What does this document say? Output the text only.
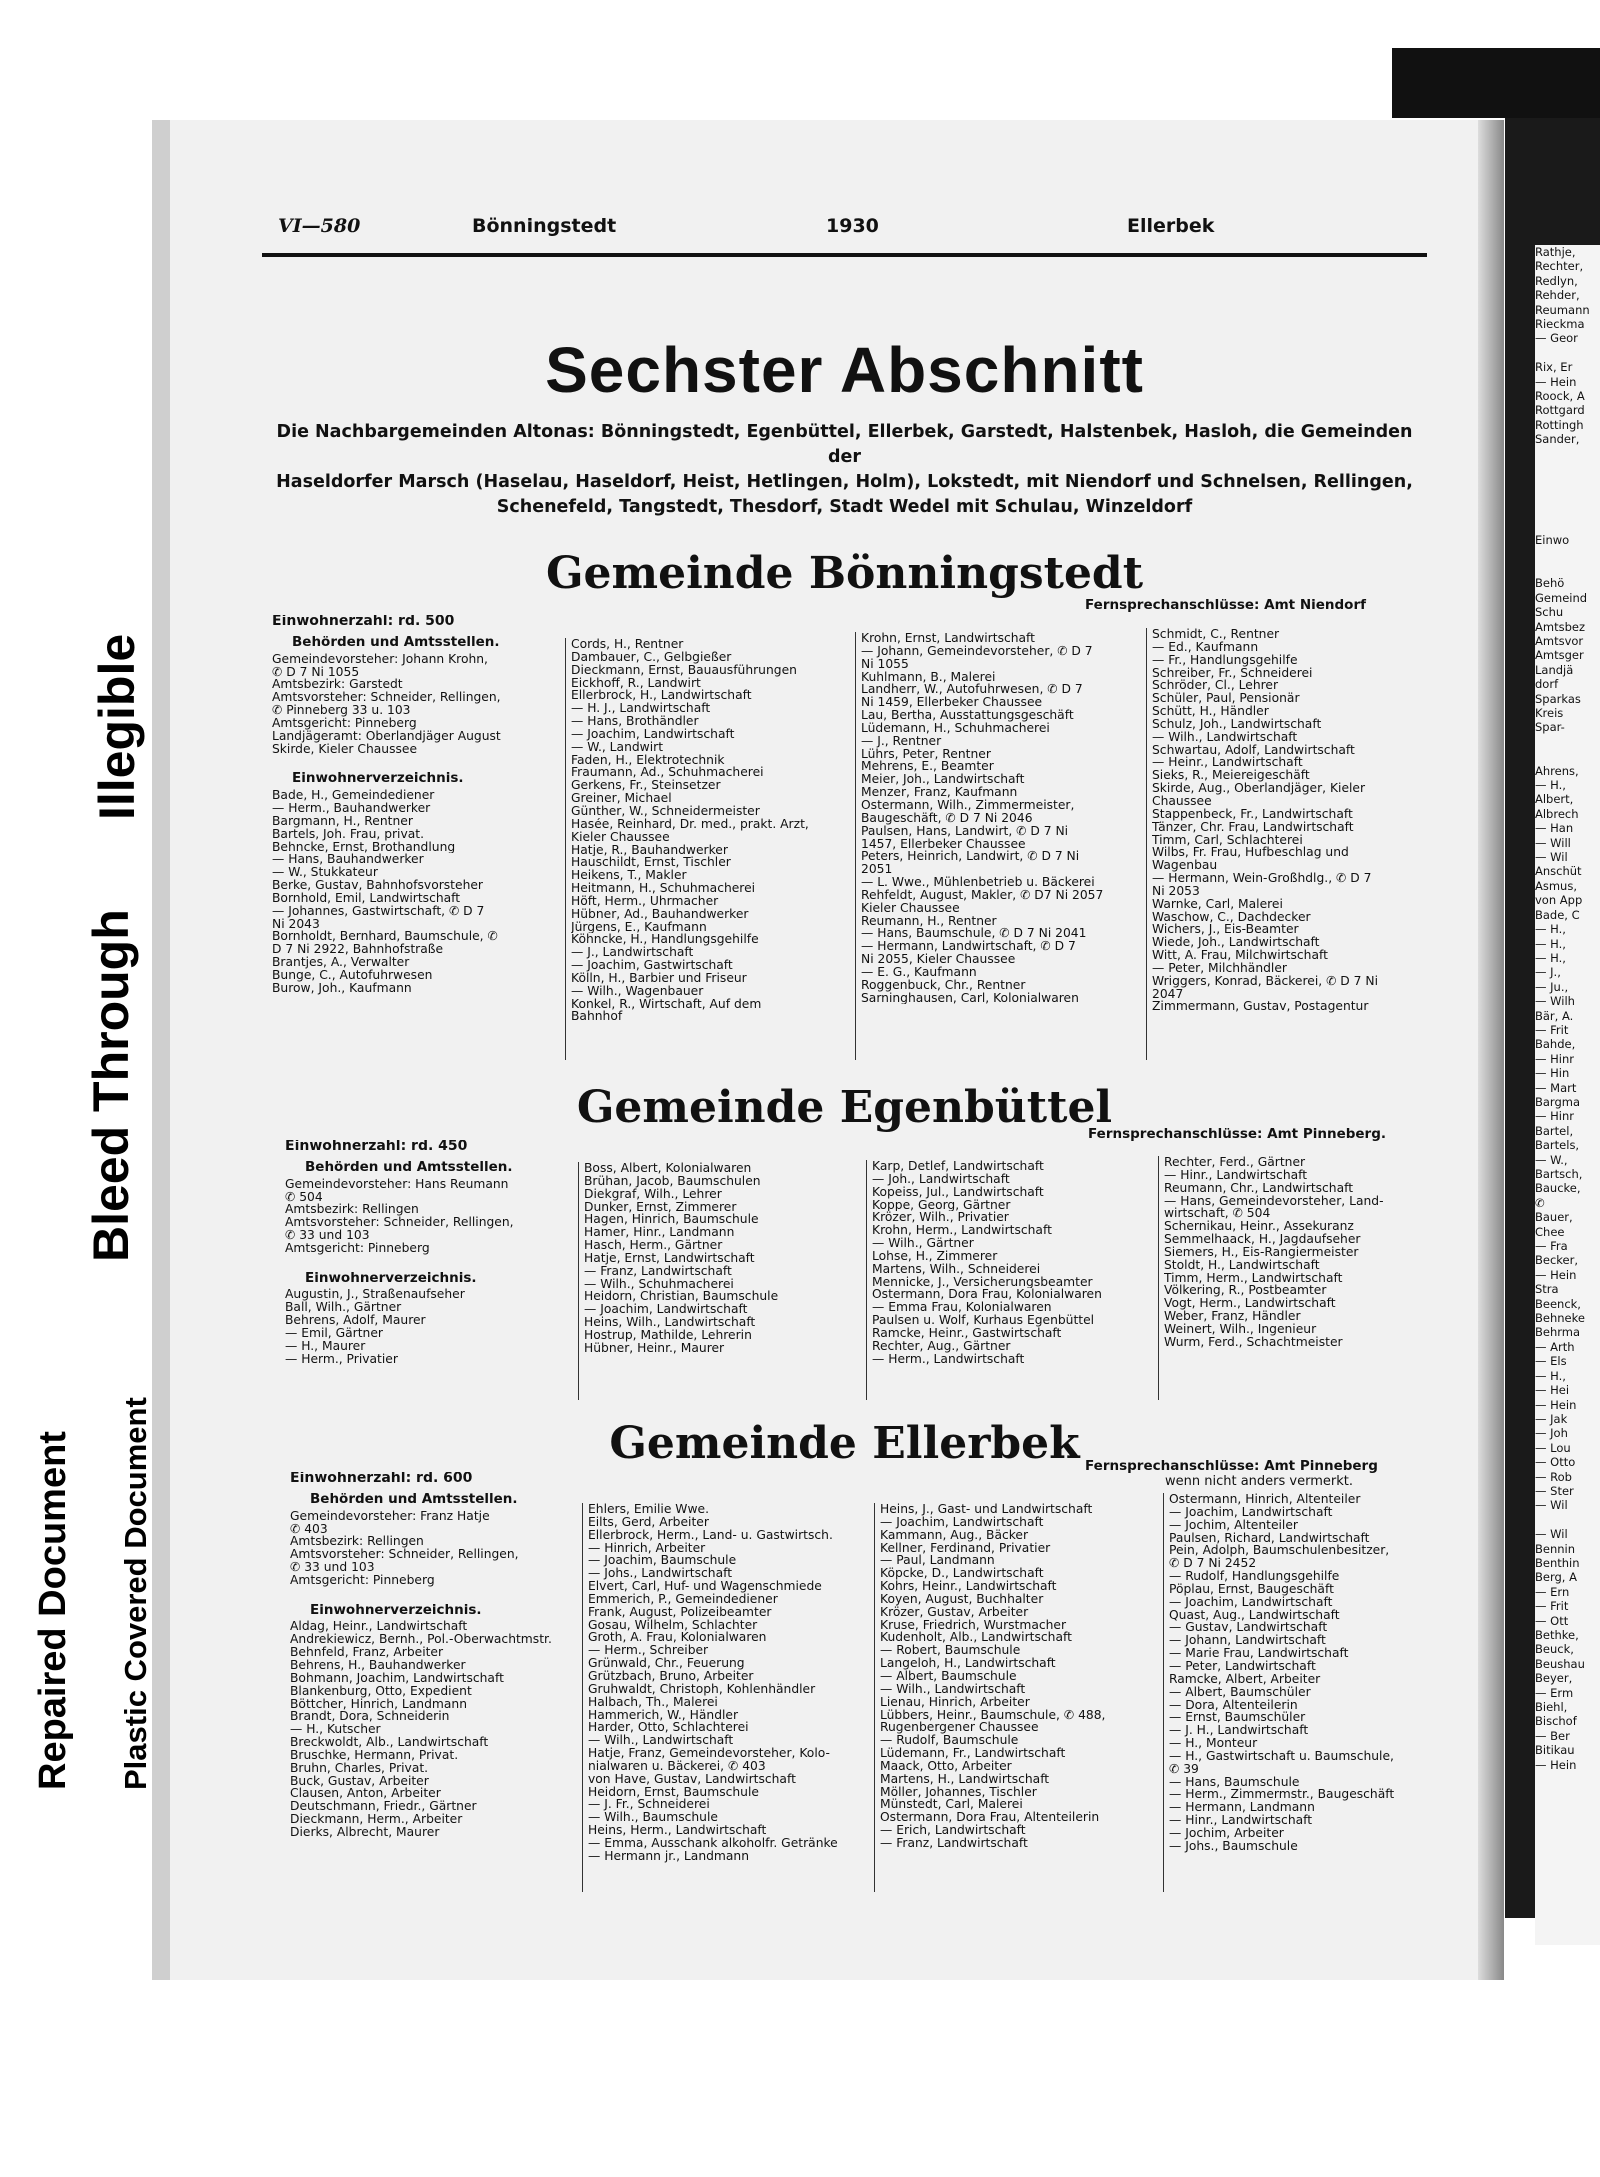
Rathje,
Rechter,
Redlyn,
Rehder,
Reumann
Rieckma
— Geor

Rix, Er
— Hein
Roock, A
Rottgard
Rottingh
Sander,

Einwo

Behö
Gemeind
Schu
Amtsbez
Amtsvor
Amtsger
Landjä
dorf
Sparkas
Kreis
Spar-

Ahrens,
— H.,
Albert,
Albrech
— Han
— Will
— Wil
Anschüt
Asmus,
von App
Bade, C
— H.,
— H.,
— H.,
— J.,
— Ju.,
— Wilh
Bär, A.
— Frit
Bahde,
— Hinr
— Hin
— Mart
Bargma
— Hinr
Bartel,
Bartels,
— W.,
Bartsch,
Baucke,
✆
Bauer,
Chee
— Fra
Becker,
— Hein
Stra
Beenck,
Behneke
Behrma
— Arth
— Els
— H.,
— Hei
— Hein
— Jak
— Joh
— Lou
— Otto
— Rob
— Ster
— Wil

— Wil
Bennin
Benthin
Berg, A
— Ern
— Frit
— Ott
Bethke,
Beuck,
Beushau
Beyer,
— Erm
Biehl,
Bischof
— Ber
Bitikau
— Hein
Repaired Document Plastic Covered Document
Bleed Through
Illegible
VI—580	Bönningstedt	1930	Ellerbek
Sechster Abschnitt
Die Nachbargemeinden Altonas: Bönningstedt, Egenbüttel, Ellerbek, Garstedt, Halstenbek, Hasloh, die Gemeinden der
Haseldorfer Marsch (Haselau, Haseldorf, Heist, Hetlingen, Holm), Lokstedt, mit Niendorf und Schnelsen, Rellingen,
Schenefeld, Tangstedt, Thesdorf, Stadt Wedel mit Schulau, Winzeldorf
Gemeinde Bönningstedt
Fernsprechanschlüsse: Amt Niendorf
Einwohnerzahl: rd. 500
Behörden und Amtsstellen.
Gemeindevorsteher: Johann Krohn,
✆ D 7 Ni 1055
Amtsbezirk: Garstedt
Amtsvorsteher: Schneider, Rellingen,
✆ Pinneberg 33 u. 103
Amtsgericht: Pinneberg
Landjägeramt: Oberlandjäger August
Skirde, Kieler Chaussee

Einwohnerverzeichnis.
Bade, H., Gemeindediener
— Herm., Bauhandwerker
Bargmann, H., Rentner
Bartels, Joh. Frau, privat.
Behncke, Ernst, Brothandlung
— Hans, Bauhandwerker
— W., Stukkateur
Berke, Gustav, Bahnhofsvorsteher
Bornhold, Emil, Landwirtschaft
— Johannes, Gastwirtschaft, ✆ D 7
Ni 2043
Bornholdt, Bernhard, Baumschule, ✆
D 7 Ni 2922, Bahnhofstraße
Brantjes, A., Verwalter
Bunge, C., Autofuhrwesen
Burow, Joh., Kaufmann
Cords, H., Rentner
Dambauer, C., Gelbgießer
Dieckmann, Ernst, Bauausführungen
Eickhoff, R., Landwirt
Ellerbrock, H., Landwirtschaft
— H. J., Landwirtschaft
— Hans, Brothändler
— Joachim, Landwirtschaft
— W., Landwirt
Faden, H., Elektrotechnik
Fraumann, Ad., Schuhmacherei
Gerkens, Fr., Steinsetzer
Greiner, Michael
Günther, W., Schneidermeister
Hasée, Reinhard, Dr. med., prakt. Arzt,
Kieler Chaussee
Hatje, R., Bauhandwerker
Hauschildt, Ernst, Tischler
Heikens, T., Makler
Heitmann, H., Schuhmacherei
Höft, Herm., Uhrmacher
Hübner, Ad., Bauhandwerker
Jürgens, E., Kaufmann
Köhncke, H., Handlungsgehilfe
— J., Landwirtschaft
— Joachim, Gastwirtschaft
Kölln, H., Barbier und Friseur
— Wilh., Wagenbauer
Konkel, R., Wirtschaft, Auf dem
Bahnhof
Krohn, Ernst, Landwirtschaft
— Johann, Gemeindevorsteher, ✆ D 7
Ni 1055
Kuhlmann, B., Malerei
Landherr, W., Autofuhrwesen, ✆ D 7
Ni 1459, Ellerbeker Chaussee
Lau, Bertha, Ausstattungsgeschäft
Lüdemann, H., Schuhmacherei
— J., Rentner
Lührs, Peter, Rentner
Mehrens, E., Beamter
Meier, Joh., Landwirtschaft
Menzer, Franz, Kaufmann
Ostermann, Wilh., Zimmermeister,
Baugeschäft, ✆ D 7 Ni 2046
Paulsen, Hans, Landwirt, ✆ D 7 Ni
1457, Ellerbeker Chaussee
Peters, Heinrich, Landwirt, ✆ D 7 Ni
2051
— L. Wwe., Mühlenbetrieb u. Bäckerei
Rehfeldt, August, Makler, ✆ D7 Ni 2057
Kieler Chaussee
Reumann, H., Rentner
— Hans, Baumschule, ✆ D 7 Ni 2041
— Hermann, Landwirtschaft, ✆ D 7
Ni 2055, Kieler Chaussee
— E. G., Kaufmann
Roggenbuck, Chr., Rentner
Sarninghausen, Carl, Kolonialwaren
Schmidt, C., Rentner
— Ed., Kaufmann
— Fr., Handlungsgehilfe
Schreiber, Fr., Schneiderei
Schröder, Cl., Lehrer
Schüler, Paul, Pensionär
Schütt, H., Händler
Schulz, Joh., Landwirtschaft
— Wilh., Landwirtschaft
Schwartau, Adolf, Landwirtschaft
— Heinr., Landwirtschaft
Sieks, R., Meiereigeschäft
Skirde, Aug., Oberlandjäger, Kieler
Chaussee
Stappenbeck, Fr., Landwirtschaft
Tänzer, Chr. Frau, Landwirtschaft
Timm, Carl, Schlachterei
Wilbs, Fr. Frau, Hufbeschlag und
Wagenbau
— Hermann, Wein-Großhdlg., ✆ D 7
Ni 2053
Warnke, Carl, Malerei
Waschow, C., Dachdecker
Wichers, J., Eis-Beamter
Wiede, Joh., Landwirtschaft
Witt, A. Frau, Milchwirtschaft
— Peter, Milchhändler
Wriggers, Konrad, Bäckerei, ✆ D 7 Ni
2047
Zimmermann, Gustav, Postagentur
Gemeinde Egenbüttel
Fernsprechanschlüsse: Amt Pinneberg.
Einwohnerzahl: rd. 450
Behörden und Amtsstellen.
Gemeindevorsteher: Hans Reumann
✆ 504
Amtsbezirk: Rellingen
Amtsvorsteher: Schneider, Rellingen,
✆ 33 und 103
Amtsgericht: Pinneberg

Einwohnerverzeichnis.
Augustin, J., Straßenaufseher
Ball, Wilh., Gärtner
Behrens, Adolf, Maurer
— Emil, Gärtner
— H., Maurer
— Herm., Privatier
Boss, Albert, Kolonialwaren
Brühan, Jacob, Baumschulen
Diekgraf, Wilh., Lehrer
Dunker, Ernst, Zimmerer
Hagen, Hinrich, Baumschule
Hamer, Hinr., Landmann
Hasch, Herm., Gärtner
Hatje, Ernst, Landwirtschaft
— Franz, Landwirtschaft
— Wilh., Schuhmacherei
Heidorn, Christian, Baumschule
— Joachim, Landwirtschaft
Heins, Wilh., Landwirtschaft
Hostrup, Mathilde, Lehrerin
Hübner, Heinr., Maurer
Karp, Detlef, Landwirtschaft
— Joh., Landwirtschaft
Kopeiss, Jul., Landwirtschaft
Koppe, Georg, Gärtner
Krözer, Wilh., Privatier
Krohn, Herm., Landwirtschaft
— Wilh., Gärtner
Lohse, H., Zimmerer
Martens, Wilh., Schneiderei
Mennicke, J., Versicherungsbeamter
Ostermann, Dora Frau, Kolonialwaren
— Emma Frau, Kolonialwaren
Paulsen u. Wolf, Kurhaus Egenbüttel
Ramcke, Heinr., Gastwirtschaft
Rechter, Aug., Gärtner
— Herm., Landwirtschaft
Rechter, Ferd., Gärtner
— Hinr., Landwirtschaft
Reumann, Chr., Landwirtschaft
— Hans, Gemeindevorsteher, Land-
wirtschaft, ✆ 504
Schernikau, Heinr., Assekuranz
Semmelhaack, H., Jagdaufseher
Siemers, H., Eis-Rangiermeister
Stoldt, H., Landwirtschaft
Timm, Herm., Landwirtschaft
Völkering, R., Postbeamter
Vogt, Herm., Landwirtschaft
Weber, Franz, Händler
Weinert, Wilh., Ingenieur
Wurm, Ferd., Schachtmeister
Gemeinde Ellerbek Fernsprechanschlüsse: Amt Pinneberg
wenn nicht anders vermerkt.
Einwohnerzahl: rd. 600
Behörden und Amtsstellen.
Gemeindevorsteher: Franz Hatje
✆ 403
Amtsbezirk: Rellingen
Amtsvorsteher: Schneider, Rellingen,
✆ 33 und 103
Amtsgericht: Pinneberg

Einwohnerverzeichnis.
Aldag, Heinr., Landwirtschaft
Andrekiewicz, Bernh., Pol.-Oberwachtmstr.
Behnfeld, Franz, Arbeiter
Behrens, H., Bauhandwerker
Bohmann, Joachim, Landwirtschaft
Blankenburg, Otto, Expedient
Böttcher, Hinrich, Landmann
Brandt, Dora, Schneiderin
— H., Kutscher
Breckwoldt, Alb., Landwirtschaft
Bruschke, Hermann, Privat.
Bruhn, Charles, Privat.
Buck, Gustav, Arbeiter
Clausen, Anton, Arbeiter
Deutschmann, Friedr., Gärtner
Dieckmann, Herm., Arbeiter
Dierks, Albrecht, Maurer
Ehlers, Emilie Wwe.
Eilts, Gerd, Arbeiter
Ellerbrock, Herm., Land- u. Gastwirtsch.
— Hinrich, Arbeiter
— Joachim, Baumschule
— Johs., Landwirtschaft
Elvert, Carl, Huf- und Wagenschmiede
Emmerich, P., Gemeindediener
Frank, August, Polizeibeamter
Gosau, Wilhelm, Schlachter
Groth, A. Frau, Kolonialwaren
— Herm., Schreiber
Grünwald, Chr., Feuerung
Grützbach, Bruno, Arbeiter
Gruhwaldt, Christoph, Kohlenhändler
Halbach, Th., Malerei
Hammerich, W., Händler
Harder, Otto, Schlachterei
— Wilh., Landwirtschaft
Hatje, Franz, Gemeindevorsteher, Kolo-
nialwaren u. Bäckerei, ✆ 403
von Have, Gustav, Landwirtschaft
Heidorn, Ernst, Baumschule
— J. Fr., Schneiderei
— Wilh., Baumschule
Heins, Herm., Landwirtschaft
— Emma, Ausschank alkoholfr. Getränke
— Hermann jr., Landmann
Heins, J., Gast- und Landwirtschaft
— Joachim, Landwirtschaft
Kammann, Aug., Bäcker
Kellner, Ferdinand, Privatier
— Paul, Landmann
Köpcke, D., Landwirtschaft
Kohrs, Heinr., Landwirtschaft
Koyen, August, Buchhalter
Krözer, Gustav, Arbeiter
Kruse, Friedrich, Wurstmacher
Kudenholt, Alb., Landwirtschaft
— Robert, Baumschule
Langeloh, H., Landwirtschaft
— Albert, Baumschule
— Wilh., Landwirtschaft
Lienau, Hinrich, Arbeiter
Lübbers, Heinr., Baumschule, ✆ 488,
Rugenbergener Chaussee
— Rudolf, Baumschule
Lüdemann, Fr., Landwirtschaft
Maack, Otto, Arbeiter
Martens, H., Landwirtschaft
Möller, Johannes, Tischler
Münstedt, Carl, Malerei
Ostermann, Dora Frau, Altenteilerin
— Erich, Landwirtschaft
— Franz, Landwirtschaft
Ostermann, Hinrich, Altenteiler
— Joachim, Landwirtschaft
— Jochim, Altenteiler
Paulsen, Richard, Landwirtschaft
Pein, Adolph, Baumschulenbesitzer,
✆ D 7 Ni 2452
— Rudolf, Handlungsgehilfe
Pöplau, Ernst, Baugeschäft
— Joachim, Landwirtschaft
Quast, Aug., Landwirtschaft
— Gustav, Landwirtschaft
— Johann, Landwirtschaft
— Marie Frau, Landwirtschaft
— Peter, Landwirtschaft
Ramcke, Albert, Arbeiter
— Albert, Baumschüler
— Dora, Altenteilerin
— Ernst, Baumschüler
— J. H., Landwirtschaft
— H., Monteur
— H., Gastwirtschaft u. Baumschule,
✆ 39
— Hans, Baumschule
— Herm., Zimmermstr., Baugeschäft
— Hermann, Landmann
— Hinr., Landwirtschaft
— Jochim, Arbeiter
— Johs., Baumschule
